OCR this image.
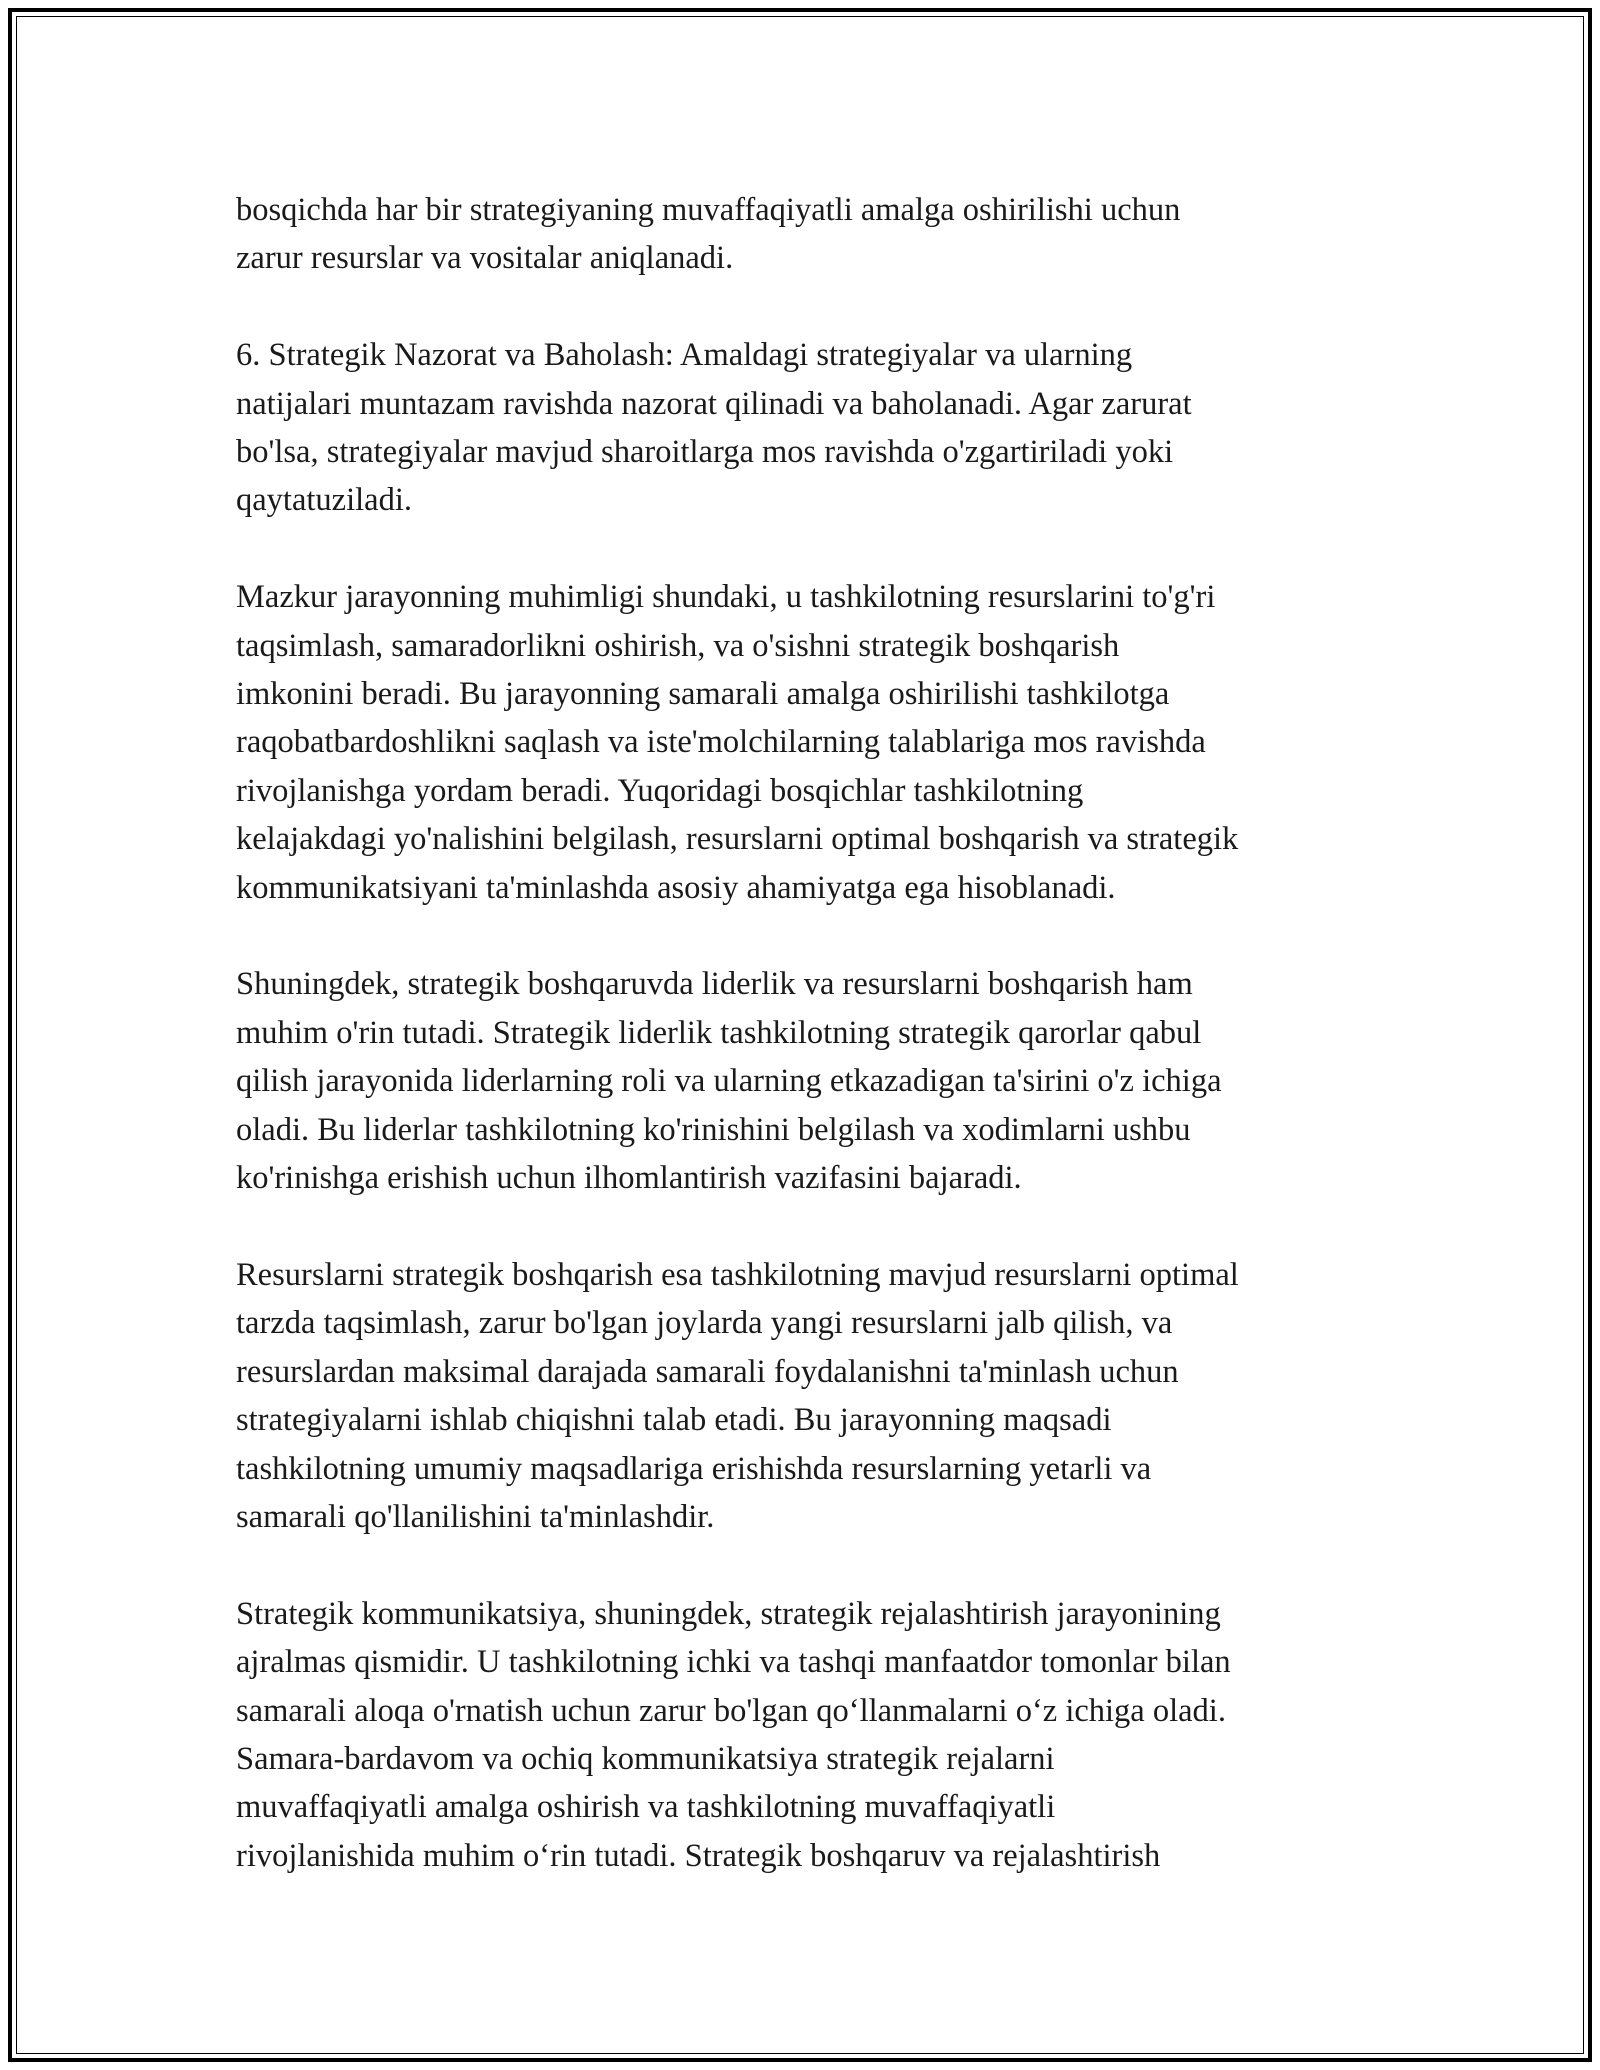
bosqichda har bir strategiyaning muvaffaqiyatli amalga oshirilishi uchun
zarur resurslar va vositalar aniqlanadi.

6. Strategik Nazorat va Baholash: Amaldagi strategiyalar va ularning
natijalari muntazam ravishda nazorat qilinadi va baholanadi. Agar zarurat
bo'lsa, strategiyalar mavjud sharoitlarga mos ravishda o'zgartiriladi yoki
qaytatuziladi.

Mazkur jarayonning muhimligi shundaki, u tashkilotning resurslarini to'g'ri
taqsimlash, samaradorlikni oshirish, va o'sishni strategik boshqarish
imkonini beradi. Bu jarayonning samarali amalga oshirilishi tashkilotga
raqobatbardoshlikni saqlash va iste'molchilarning talablariga mos ravishda
rivojlanishga yordam beradi. Yuqoridagi bosqichlar tashkilotning
kelajakdagi yo'nalishini belgilash, resurslarni optimal boshqarish va strategik
kommunikatsiyani ta'minlashda asosiy ahamiyatga ega hisoblanadi.

Shuningdek, strategik boshqaruvda liderlik va resurslarni boshqarish ham
muhim o'rin tutadi. Strategik liderlik tashkilotning strategik qarorlar qabul
qilish jarayonida liderlarning roli va ularning etkazadigan ta'sirini o'z ichiga
oladi. Bu liderlar tashkilotning ko'rinishini belgilash va xodimlarni ushbu
ko'rinishga erishish uchun ilhomlantirish vazifasini bajaradi.

Resurslarni strategik boshqarish esa tashkilotning mavjud resurslarni optimal
tarzda taqsimlash, zarur bo'lgan joylarda yangi resurslarni jalb qilish, va
resurslardan maksimal darajada samarali foydalanishni ta'minlash uchun
strategiyalarni ishlab chiqishni talab etadi. Bu jarayonning maqsadi
tashkilotning umumiy maqsadlariga erishishda resurslarning yetarli va
samarali qo'llanilishini ta'minlashdir.

Strategik kommunikatsiya, shuningdek, strategik rejalashtirish jarayonining
ajralmas qismidir. U tashkilotning ichki va tashqi manfaatdor tomonlar bilan
samarali aloqa o'rnatish uchun zarur bo'lgan qo‘llanmalarni o‘z ichiga oladi.
Samara-bardavom va ochiq kommunikatsiya strategik rejalarni
muvaffaqiyatli amalga oshirish va tashkilotning muvaffaqiyatli
rivojlanishida muhim o‘rin tutadi. Strategik boshqaruv va rejalashtirish
